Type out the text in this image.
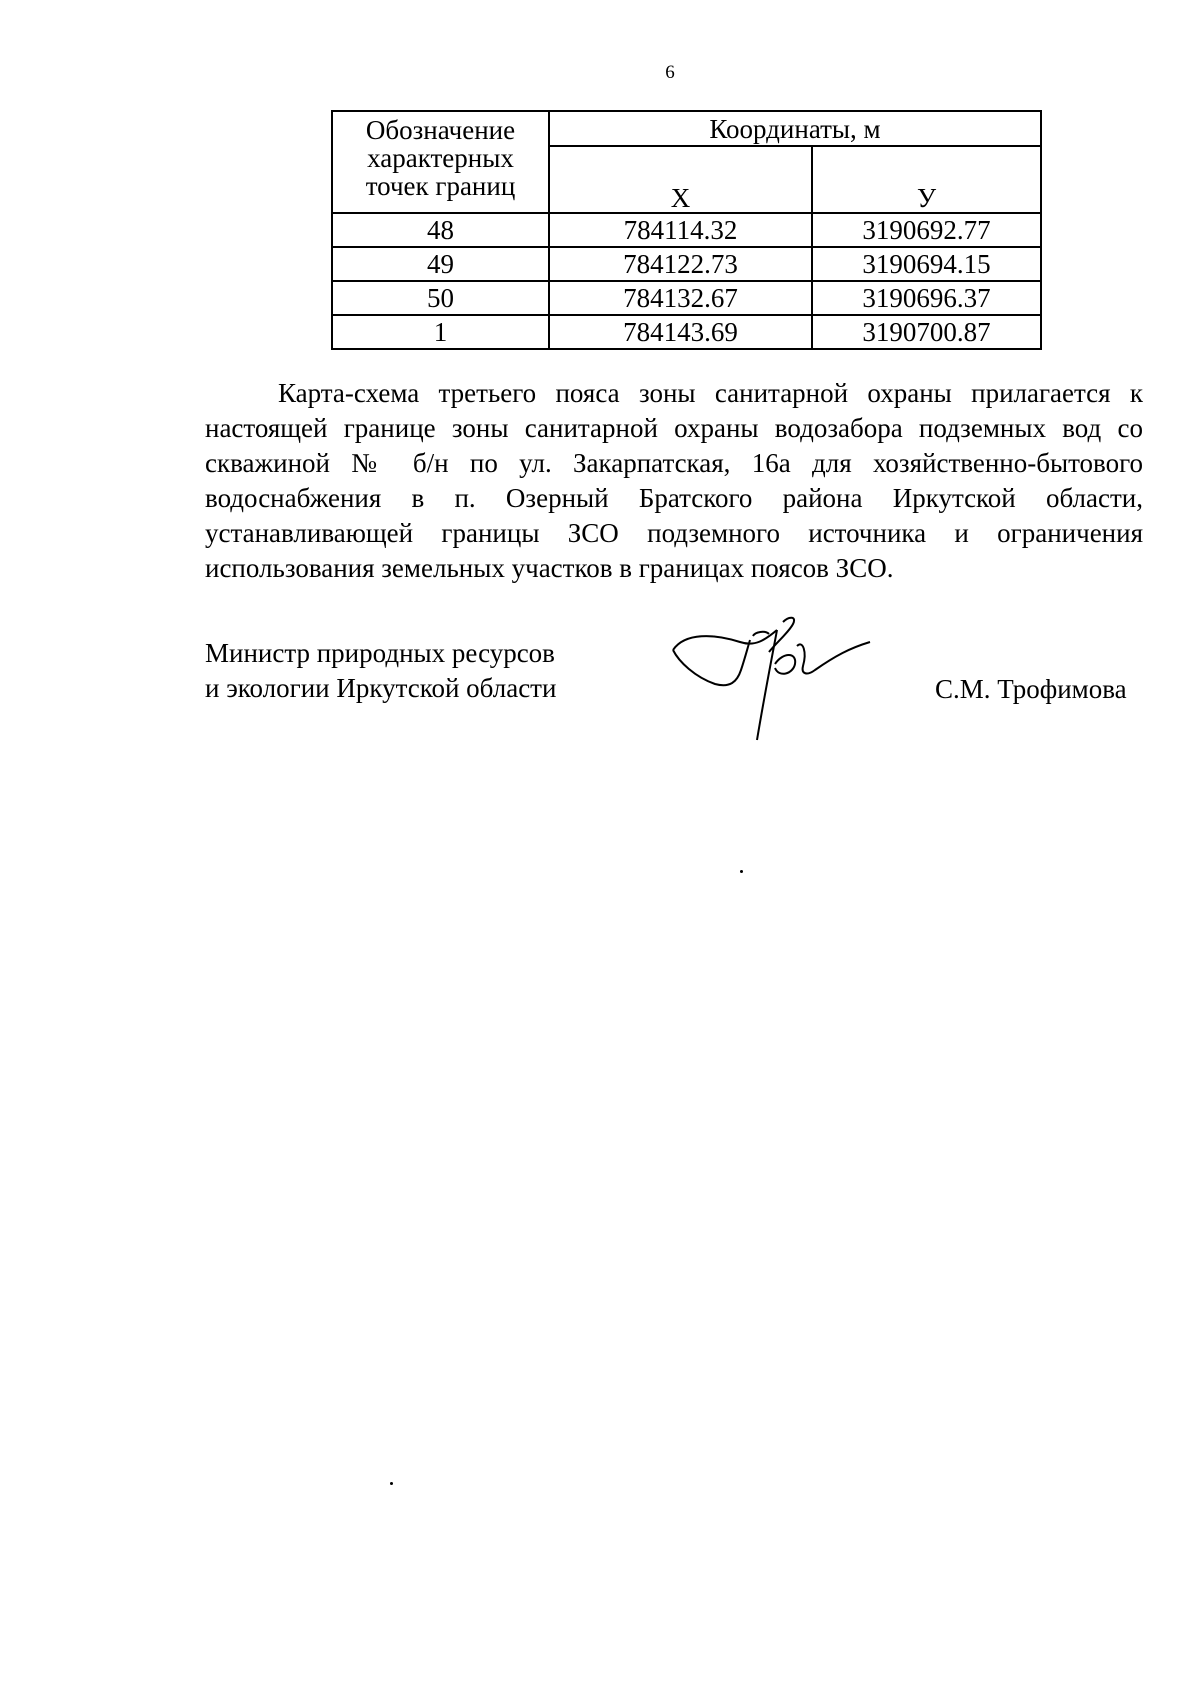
6
Обозначение
характерных
точек границ	Координаты, м	
	Х	У
48	784114.32	3190692.77
49	784122.73	3190694.15
50	784132.67	3190696.37
1	784143.69	3190700.87

Карта-схема третьего пояса зоны санитарной охраны прилагается к настоящей границе зоны санитарной охраны водозабора подземных вод со скважиной № б/н по ул. Закарпатская, 16а для хозяйственно-бытового водоснабжения в п. Озерный Братского района Иркутской области, устанавливающей границы ЗСО подземного источника и ограничения использования земельных участков в границах поясов ЗСО.

Министр природных ресурсов
и экологии Иркутской области	С.М. Трофимова
